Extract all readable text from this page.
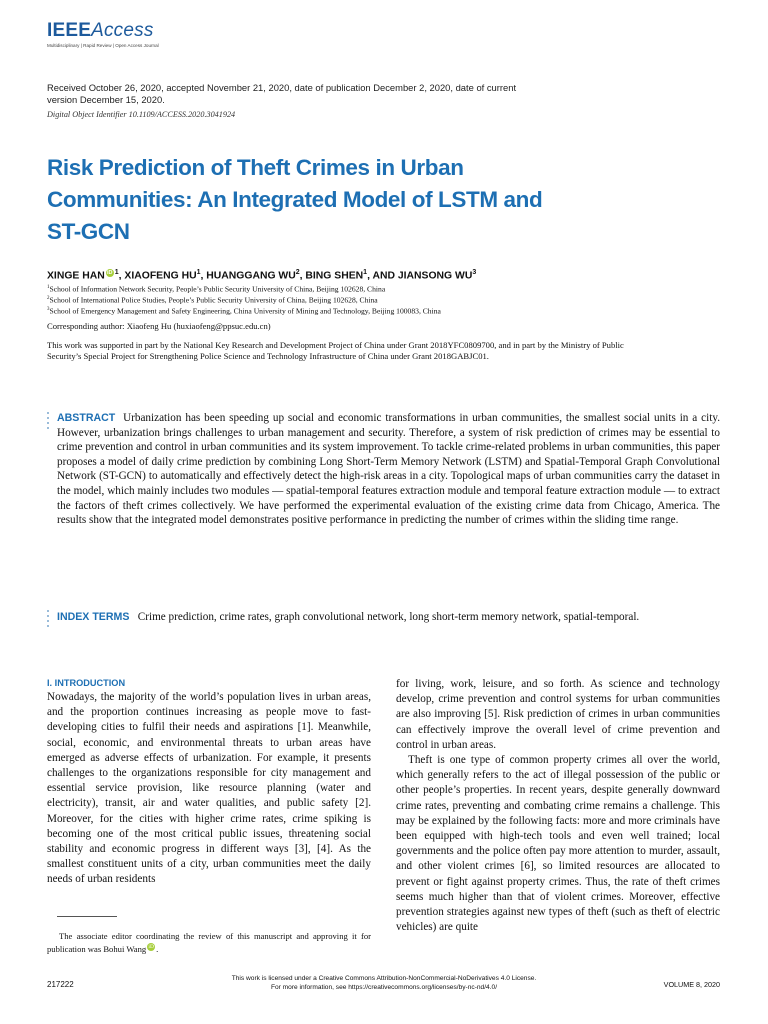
IEEEAccess
Multidisciplinary | Rapid Review | Open Access Journal
Received October 26, 2020, accepted November 21, 2020, date of publication December 2, 2020, date of current version December 15, 2020.
Digital Object Identifier 10.1109/ACCESS.2020.3041924
Risk Prediction of Theft Crimes in Urban Communities: An Integrated Model of LSTM and ST-GCN
XINGE HAN iD $^1$, XIAOFENG $HU^1$, HUANGGANG $WU^2$, BING SHEN$^1$, AND JIANSONG $WU^3$
$^1$School of Information Network Security, People’s Public Security University of China, Beijing 102628, China
$^2$School of International Police Studies, People’s Public Security University of China, Beijing 102628, China
$^3$School of Emergency Management and Safety Engineering, China University of Mining and Technology, Beijing 100083, China
Corresponding author: Xiaofeng Hu (huxiaofeng@ppsuc.edu.cn)
This work was supported in part by the National Key Research and Development Project of China under Grant 2018YFC0809700, and in part by the Ministry of Public Security’s Special Project for Strengthening Police Science and Technology Infrastructure of China under Grant 2018GABJC01.
ABSTRACT Urbanization has been speeding up social and economic transformations in urban communities, the smallest social units in a city. However, urbanization brings challenges to urban management and security. Therefore, a system of risk prediction of crimes may be essential to crime prevention and control in urban communities and its system improvement. To tackle crime-related problems in urban communities, this paper proposes a model of daily crime prediction by combining Long Short-Term Memory Network (LSTM) and Spatial-Temporal Graph Convolutional Network (ST-GCN) to automatically and effectively detect the high-risk areas in a city. Topological maps of urban communities carry the dataset in the model, which mainly includes two modules — spatial-temporal features extraction module and temporal feature extraction module — to extract the factors of theft crimes collectively. We have performed the experimental evaluation of the existing crime data from Chicago, America. The results show that the integrated model demonstrates positive performance in predicting the number of crimes within the sliding time range.
INDEX TERMS Crime prediction, crime rates, graph convolutional network, long short-term memory network, spatial-temporal.
I. INTRODUCTION
Nowadays, the majority of the world’s population lives in urban areas, and the proportion continues increasing as people move to fast-developing cities to fulfil their needs and aspirations [1]. Meanwhile, social, economic, and environmental threats to urban areas have emerged as adverse effects of urbanization. For example, it presents challenges to the organizations responsible for city management and essential service provision, like resource planning (water and electricity), transit, air and water qualities, and public safety [2]. Moreover, for the cities with higher crime rates, crime spiking is becoming one of the most critical public issues, threatening social stability and economic progress in different ways [3], [4]. As the smallest constituent units of a city, urban communities meet the daily needs of urban residents
for living, work, leisure, and so forth. As science and technology develop, crime prevention and control systems for urban communities are also improving [5]. Risk prediction of crimes in urban communities can effectively improve the overall level of crime prevention and control in urban areas.
Theft is one type of common property crimes all over the world, which generally refers to the act of illegal possession of the public or other people’s properties. In recent years, despite generally downward crime rates, preventing and combating crime remains a challenge. This may be explained by the following facts: more and more criminals have been equipped with high-tech tools and even well trained; local governments and the police often pay more attention to murder, assault, and other violent crimes [6], so limited resources are allocated to prevent or fight against property crimes. Thus, the rate of theft crimes seems much higher than that of violent crimes. Moreover, effective prevention strategies against new types of theft (such as theft of electric vehicles) are quite
The associate editor coordinating the review of this manuscript and approving it for publication was Bohui Wang iD .
217222
This work is licensed under a Creative Commons Attribution-NonCommercial-NoDerivatives 4.0 License.
For more information, see https://creativecommons.org/licenses/by-nc-nd/4.0/	VOLUME 8, 2020
